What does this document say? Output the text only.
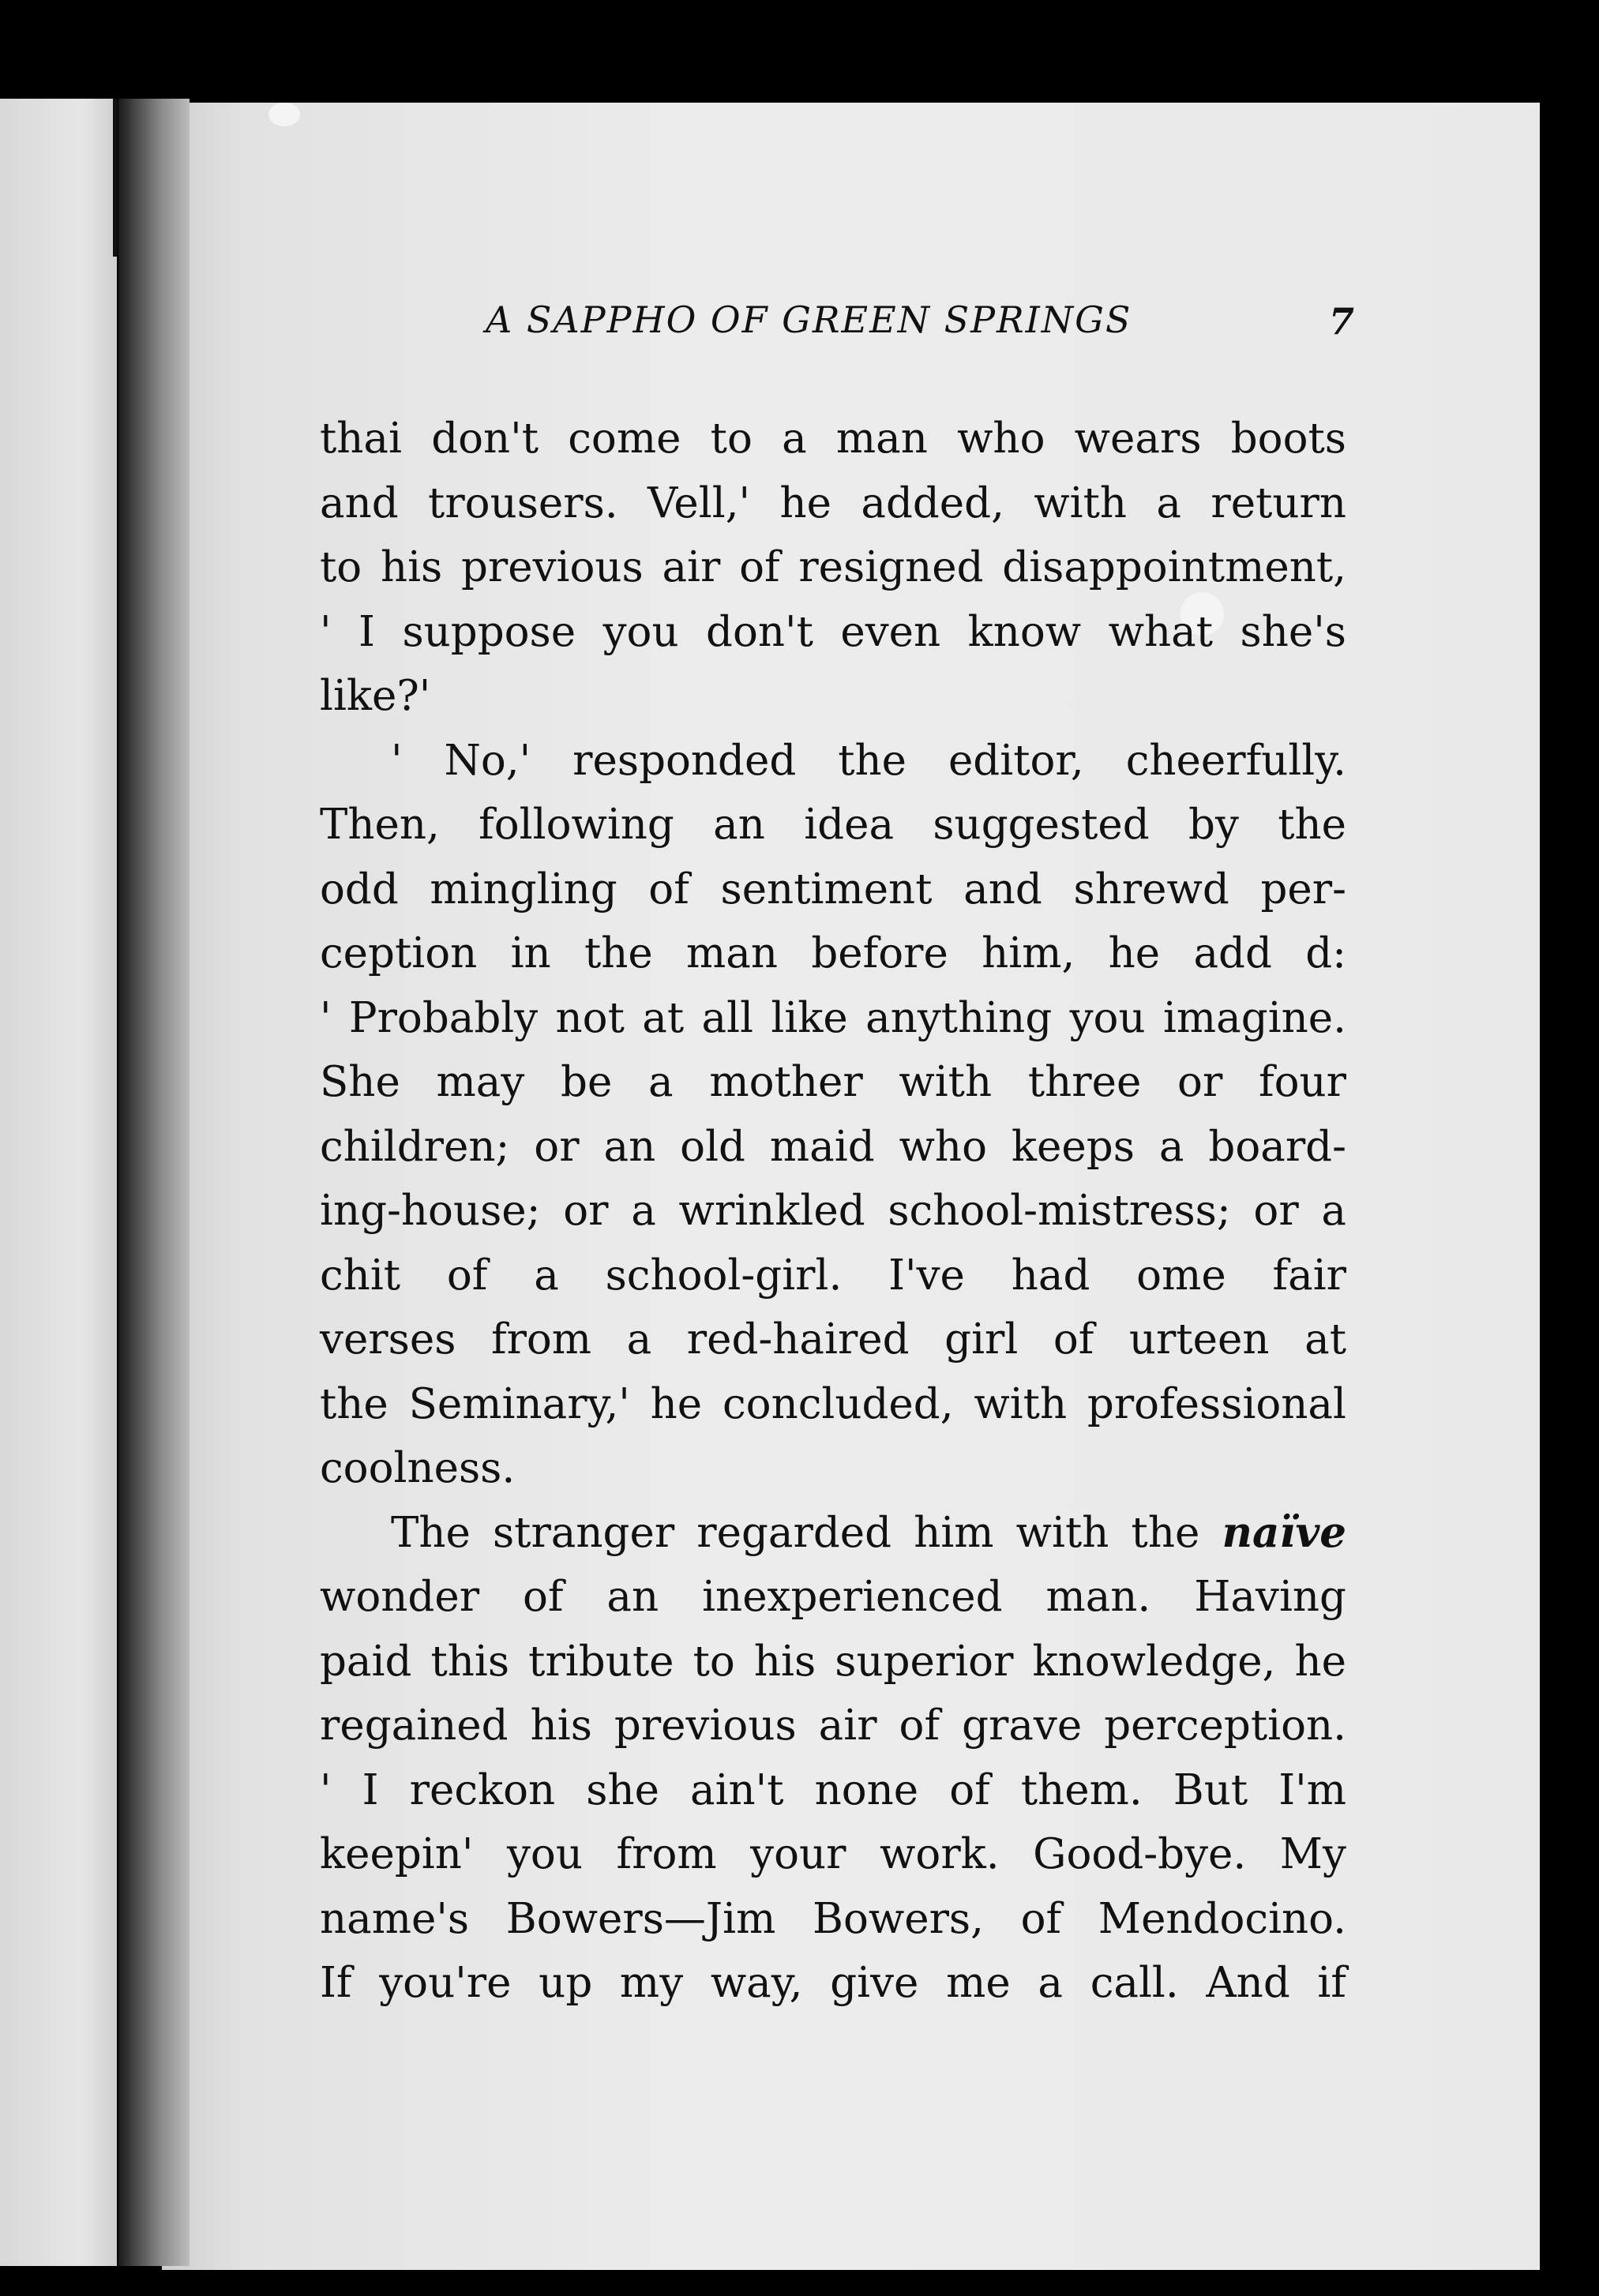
A SAPPHO OF GREEN SPRINGS	7
thai don't come to a man who wears boots
and trousers. Vell,' he added, with a return
to his previous air of resigned disappointment,
' I suppose you don't even know what she's
like?'
' No,' responded the editor, cheerfully.
Then, following an idea suggested by the
odd mingling of sentiment and shrewd per-
ception in the man before him, he add d:
' Probably not at all like anything you imagine.
She may be a mother with three or four
children; or an old maid who keeps a board-
ing-house; or a wrinkled school-mistress; or a
chit of a school-girl. I've had ome fair
verses from a red-haired girl of urteen at
the Seminary,' he concluded, with professional
coolness.
The stranger regarded him with the naïve
wonder of an inexperienced man. Having
paid this tribute to his superior knowledge, he
regained his previous air of grave perception.
' I reckon she ain't none of them. But I'm
keepin' you from your work. Good-bye. My
name's Bowers—Jim Bowers, of Mendocino.
If you're up my way, give me a call. And if
